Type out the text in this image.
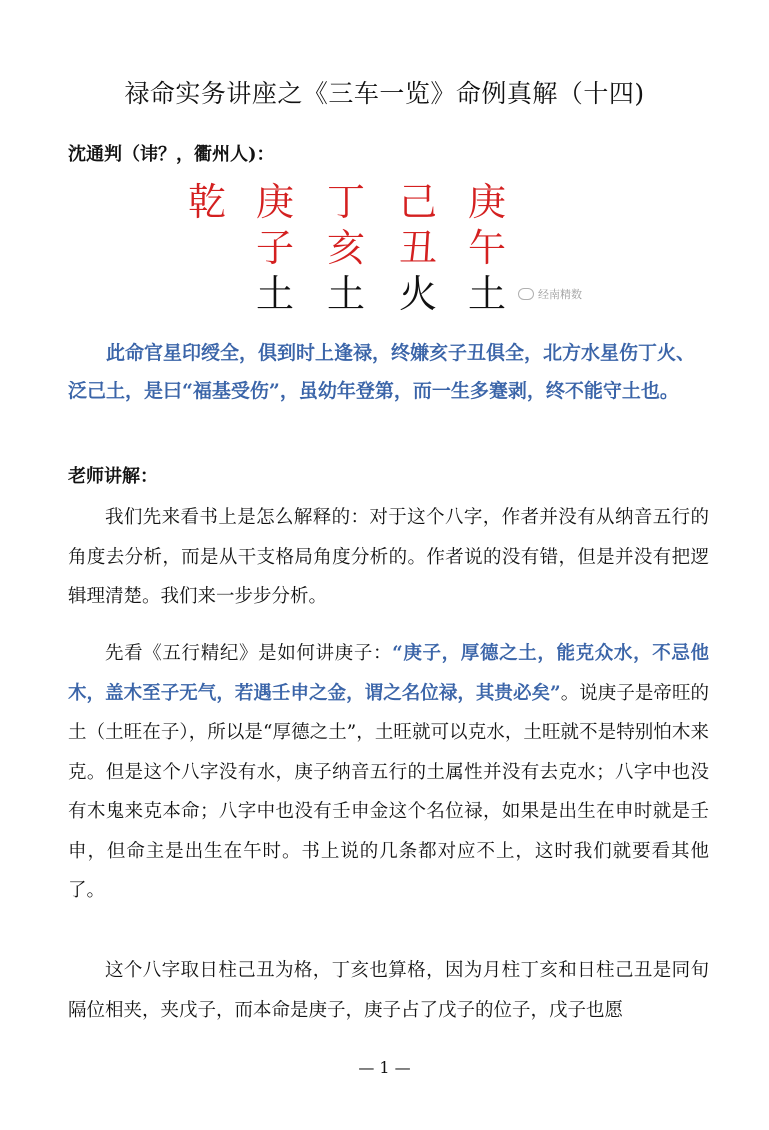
禄命实务讲座之《三车一览》命例真解（十四)
沈通判（讳？，衢州人)：
乾 庚 丁 己 庚
子 亥 丑 午
土 土 火 土	经南精数
此命官星印绶全，俱到时上逢禄，终嫌亥子丑俱全，北方水星伤丁火、泛己土，是曰“福基受伤”，虽幼年登第，而一生多蹇剥，终不能守土也。
老师讲解：
我们先来看书上是怎么解释的：对于这个八字，作者并没有从纳音五行的角度去分析，而是从干支格局角度分析的。作者说的没有错，但是并没有把逻辑理清楚。我们来一步步分析。
先看《五行精纪》是如何讲庚子：“庚子，厚德之土，能克众水，不忌他木，盖木至子无气，若遇壬申之金，谓之名位禄，其贵必矣”。说庚子是帝旺的土（土旺在子），所以是“厚德之土”，土旺就可以克水，土旺就不是特别怕木来克。但是这个八字没有水，庚子纳音五行的土属性并没有去克水；八字中也没有木鬼来克本命；八字中也没有壬申金这个名位禄，如果是出生在申时就是壬申，但命主是出生在午时。书上说的几条都对应不上，这时我们就要看其他了。
这个八字取日柱己丑为格，丁亥也算格，因为月柱丁亥和日柱己丑是同旬隔位相夹，夹戊子，而本命是庚子，庚子占了戊子的位子，戊子也愿
— 1 —
